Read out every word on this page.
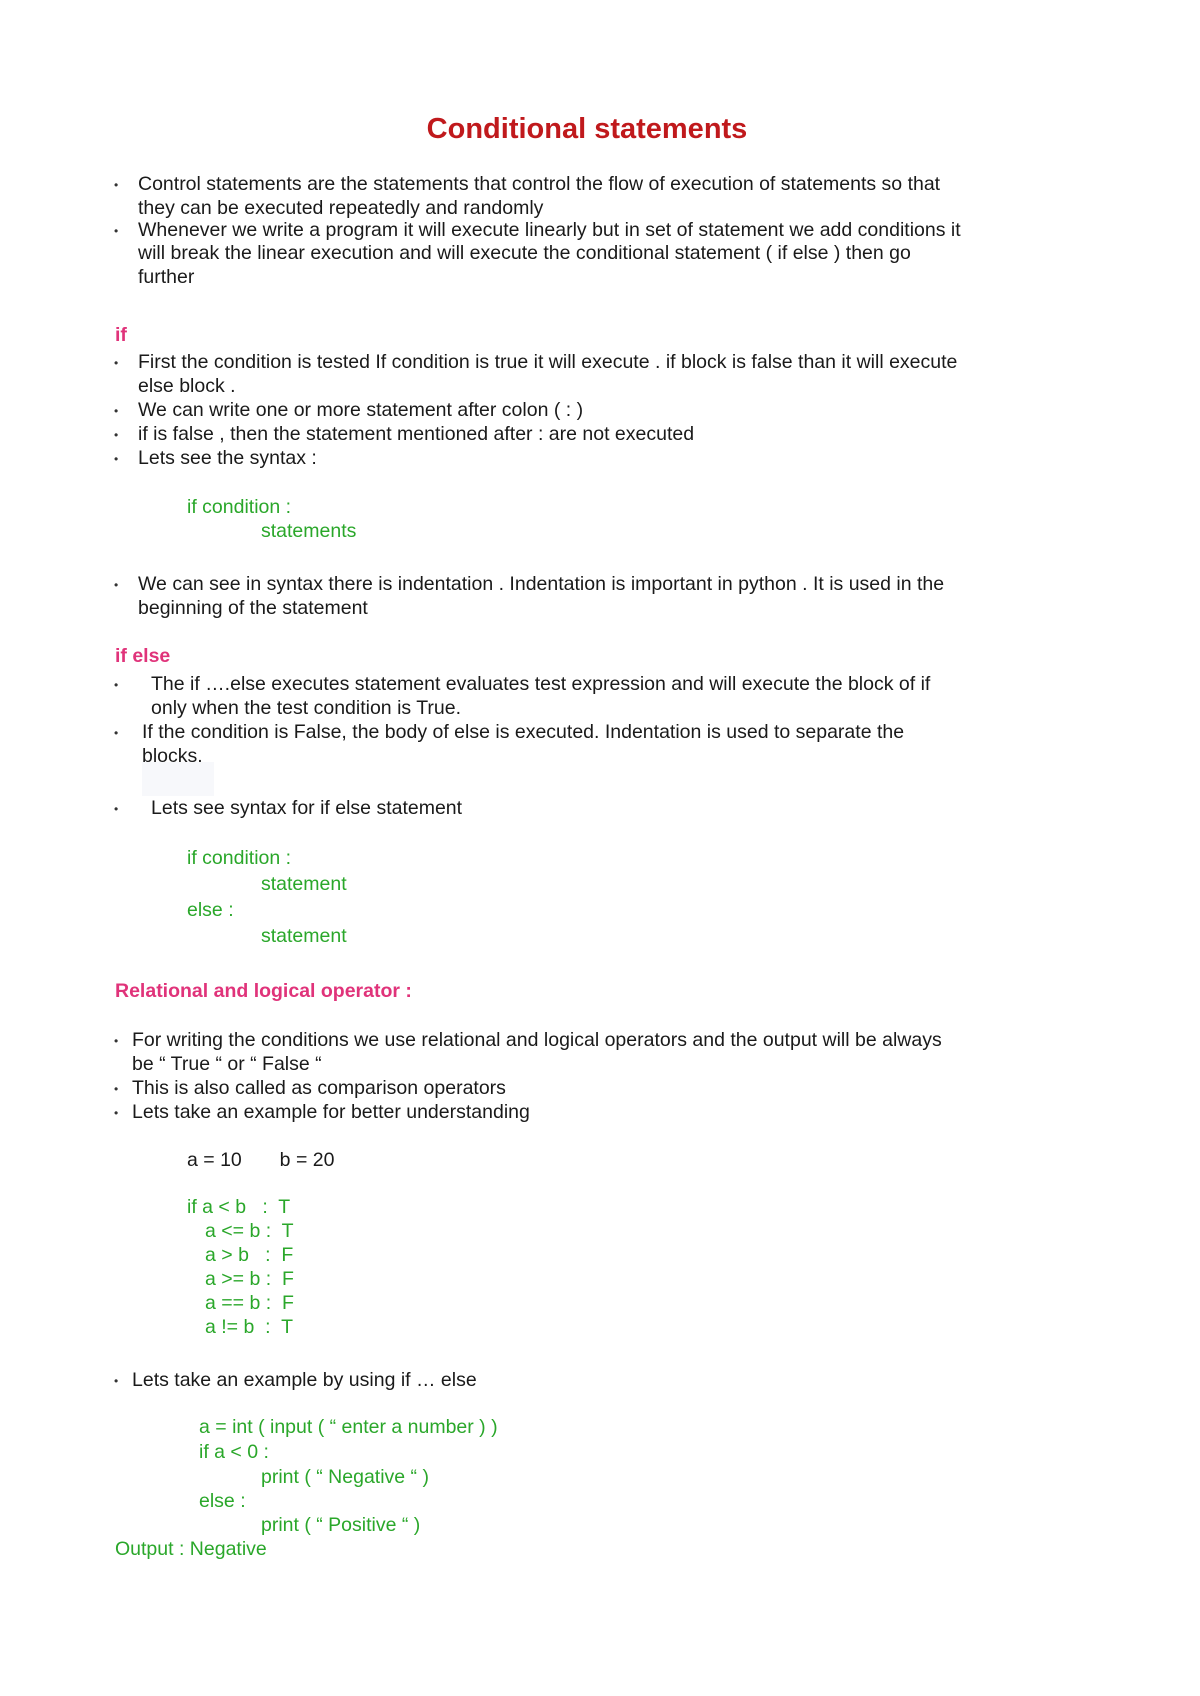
Conditional statements
• Control statements are the statements that control the flow of execution of statements so that
they can be executed repeatedly and randomly
• Whenever we write a program it will execute linearly but in set of statement we add conditions it
will break the linear execution and will execute the conditional statement ( if else ) then go
further
if
• First the condition is tested If condition is true it will execute . if block is false than it will execute
else block .
• We can write one or more statement after colon ( : )
• if is false , then the statement mentioned after : are not executed
• Lets see the syntax :
if condition :
statements
• We can see in syntax there is indentation . Indentation is important in python . It is used in the
beginning of the statement
if else
• The if ….else executes statement evaluates test expression and will execute the block of if
only when the test condition is True.
• If the condition is False, the body of else is executed. Indentation is used to separate the
blocks.
• Lets see syntax for if else statement
if condition :
statement
else :
statement
Relational and logical operator :
• For writing the conditions we use relational and logical operators and the output will be always
be “ True “ or “ False “
• This is also called as comparison operators
• Lets take an example for better understanding
a = 10       b = 20
if a < b   :  T
a <= b :  T
a > b   :  F
a >= b :  F
a == b :  F
a != b  :  T
• Lets take an example by using if … else
a = int ( input ( “ enter a number ) )
if a < 0 :
print ( “ Negative “ )
else :
print ( “ Positive “ )
Output : Negative
